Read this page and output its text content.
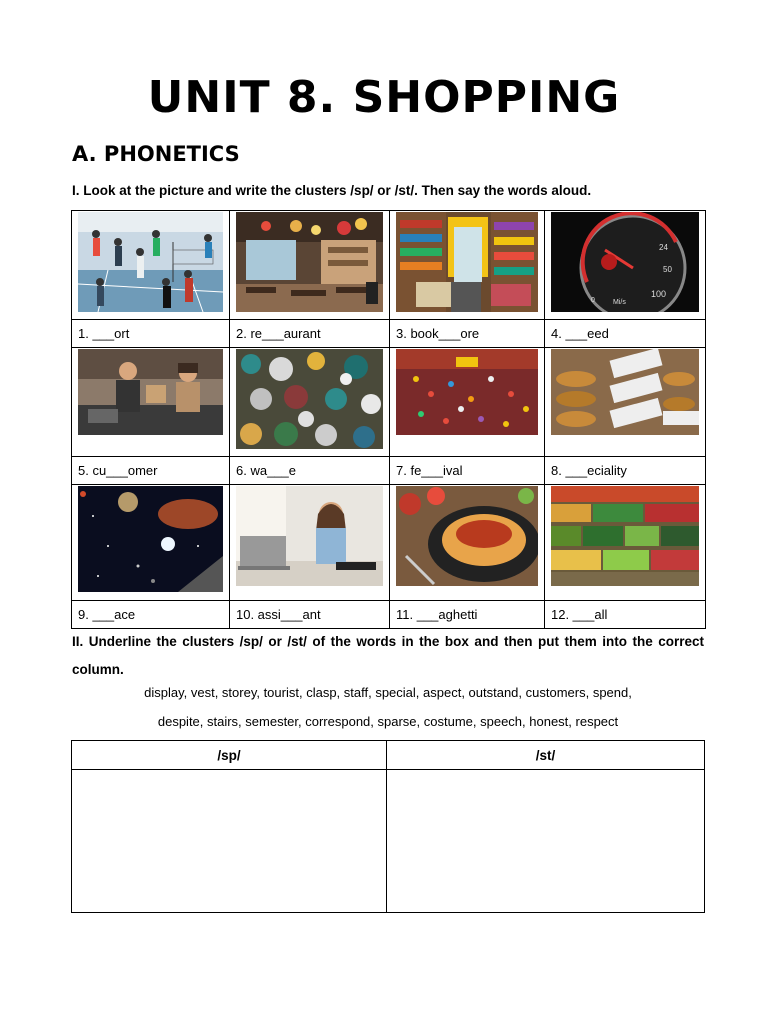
UNIT 8. SHOPPING
A. PHONETICS
I. Look at the picture and write the clusters /sp/ or /st/. Then say the words aloud.

24
50
100
0 Mi/s

1. ___ort	2. re___aurant	3. book___ore	4. ___eed

5. cu___omer	6. wa___e	7. fe___ival	8. ___eciality

9. ___ace	10. assi___ant	11. ___aghetti	12. ___all
II. Underline the clusters /sp/ or /st/ of the words in the box and then put them into the correct column.
display, vest, storey, tourist, clasp, staff, special, aspect, outstand, customers, spend,
despite, stairs, semester, correspond, sparse, costume, speech, honest, respect
/sp/	/st/
